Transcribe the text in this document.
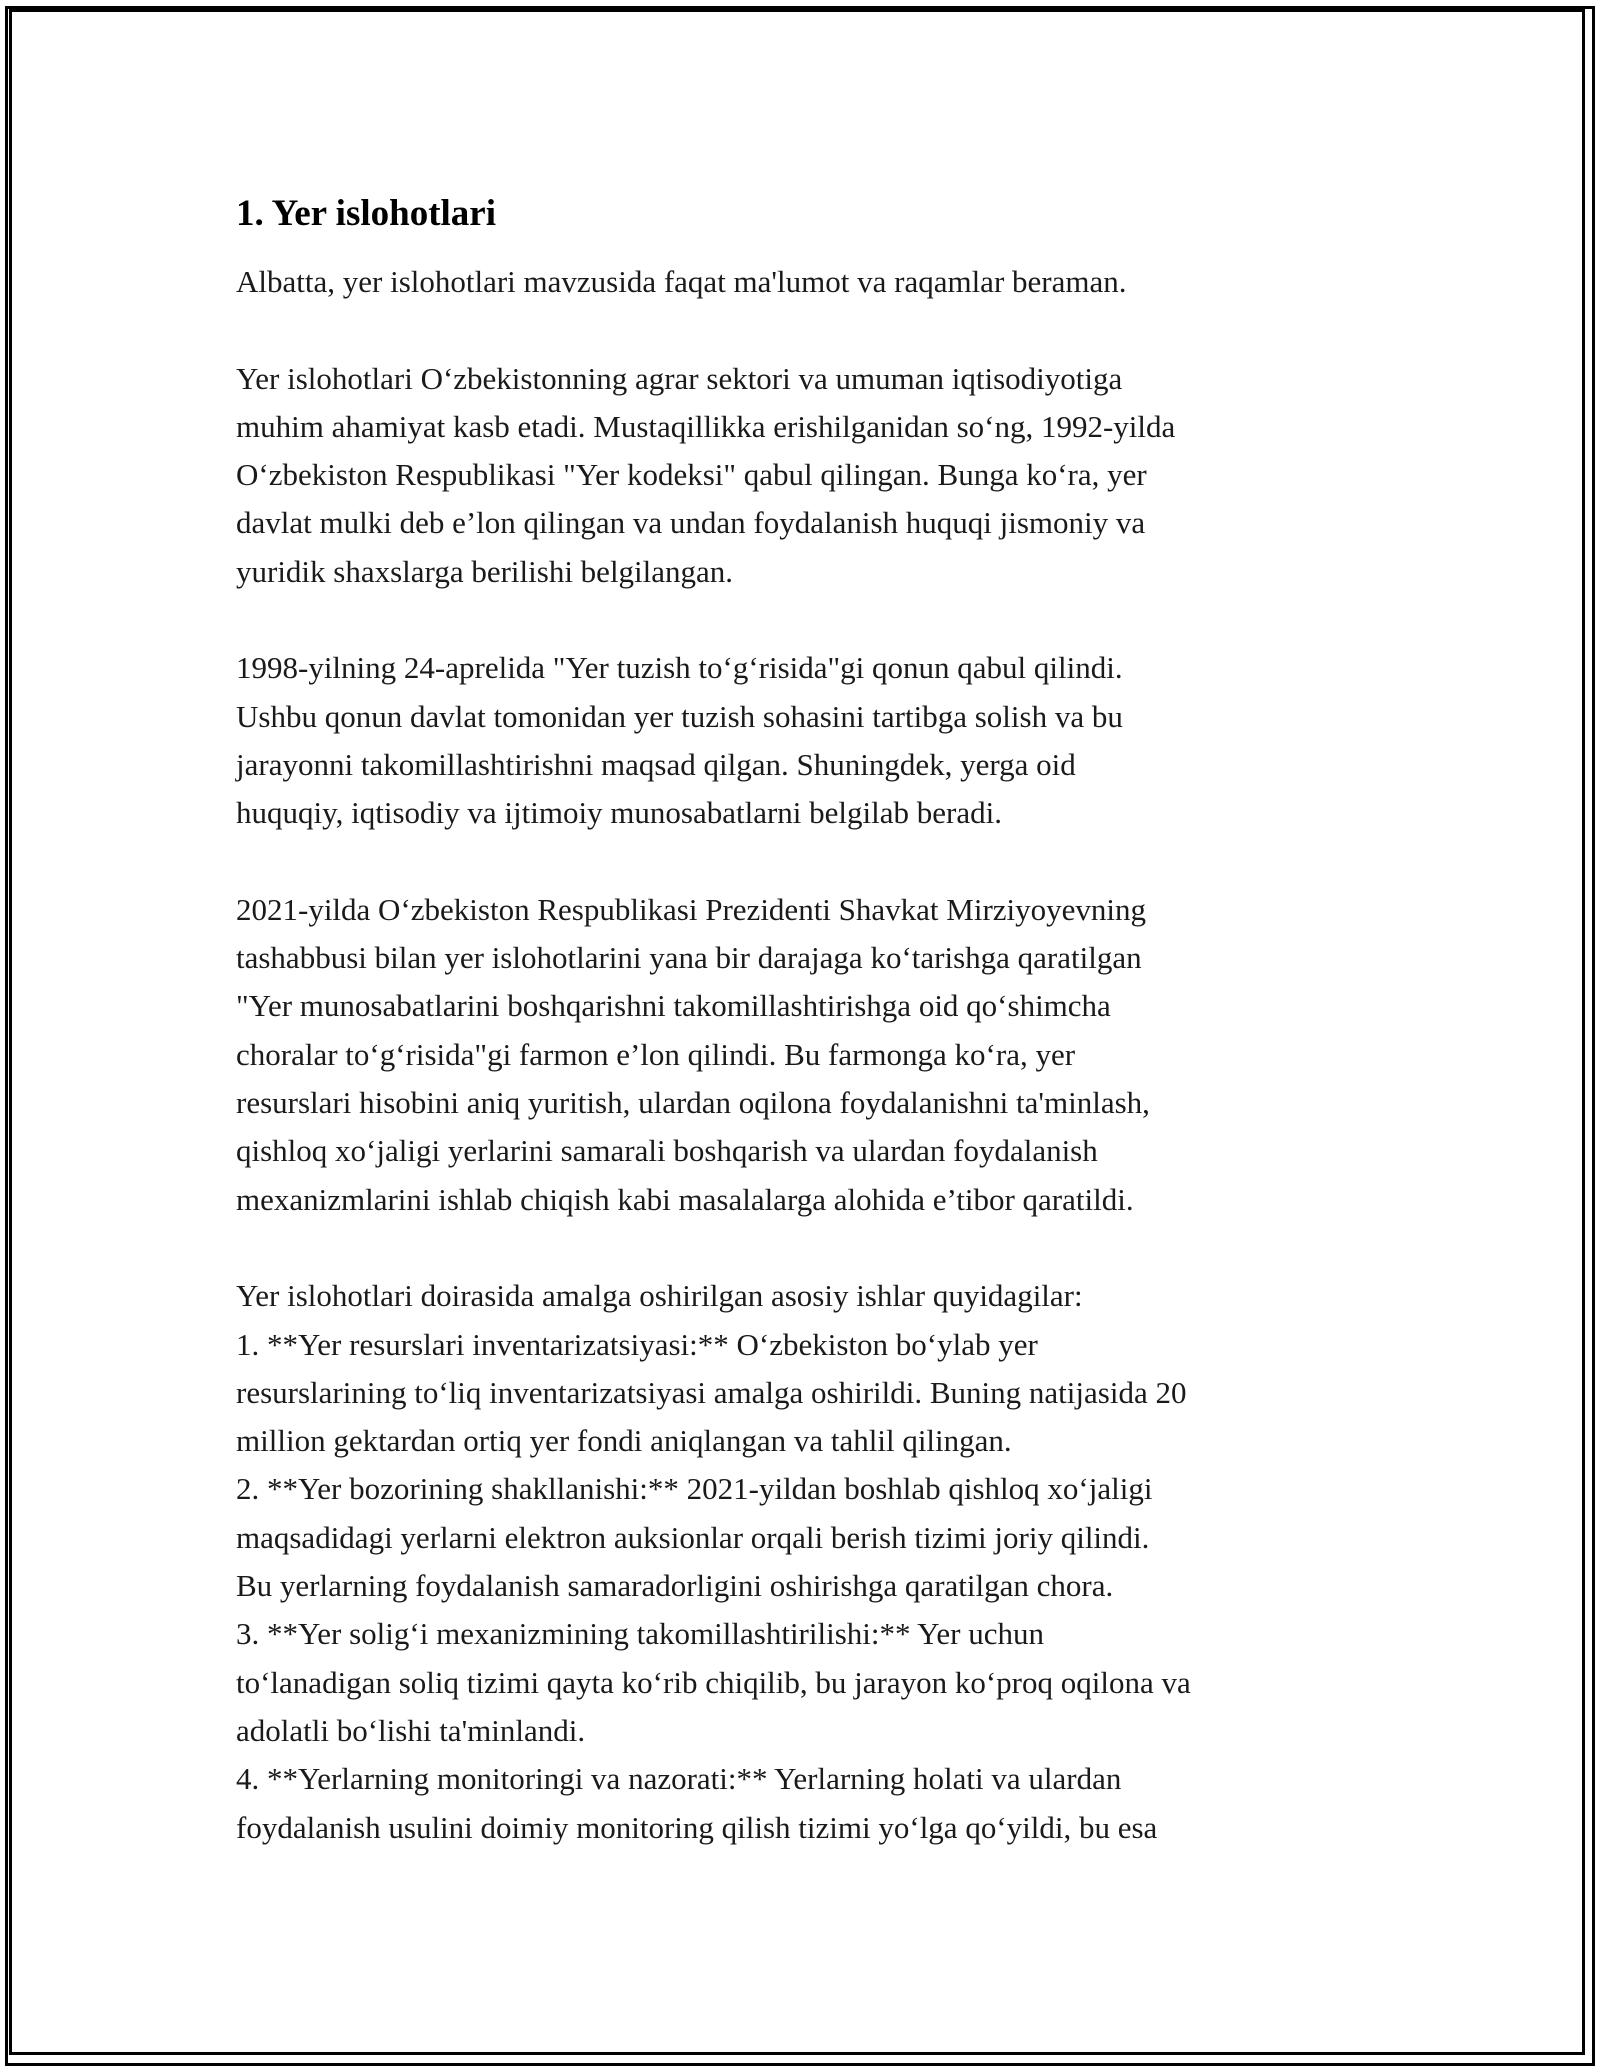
1. Yer islohotlari
Albatta, yer islohotlari mavzusida faqat ma'lumot va raqamlar beraman.
Yer islohotlari O‘zbekistonning agrar sektori va umuman iqtisodiyotiga
muhim ahamiyat kasb etadi. Mustaqillikka erishilganidan so‘ng, 1992-yilda
O‘zbekiston Respublikasi "Yer kodeksi" qabul qilingan. Bunga ko‘ra, yer
davlat mulki deb e’lon qilingan va undan foydalanish huquqi jismoniy va
yuridik shaxslarga berilishi belgilangan.
1998-yilning 24-aprelida "Yer tuzish to‘g‘risida"gi qonun qabul qilindi.
Ushbu qonun davlat tomonidan yer tuzish sohasini tartibga solish va bu
jarayonni takomillashtirishni maqsad qilgan. Shuningdek, yerga oid
huquqiy, iqtisodiy va ijtimoiy munosabatlarni belgilab beradi.
2021-yilda O‘zbekiston Respublikasi Prezidenti Shavkat Mirziyoyevning
tashabbusi bilan yer islohotlarini yana bir darajaga ko‘tarishga qaratilgan
"Yer munosabatlarini boshqarishni takomillashtirishga oid qo‘shimcha
choralar to‘g‘risida"gi farmon e’lon qilindi. Bu farmonga ko‘ra, yer
resurslari hisobini aniq yuritish, ulardan oqilona foydalanishni ta'minlash,
qishloq xo‘jaligi yerlarini samarali boshqarish va ulardan foydalanish
mexanizmlarini ishlab chiqish kabi masalalarga alohida e’tibor qaratildi.
Yer islohotlari doirasida amalga oshirilgan asosiy ishlar quyidagilar:
1. **Yer resurslari inventarizatsiyasi:** O‘zbekiston bo‘ylab yer
resurslarining to‘liq inventarizatsiyasi amalga oshirildi. Buning natijasida 20
million gektardan ortiq yer fondi aniqlangan va tahlil qilingan.
2. **Yer bozorining shakllanishi:** 2021-yildan boshlab qishloq xo‘jaligi
maqsadidagi yerlarni elektron auksionlar orqali berish tizimi joriy qilindi.
Bu yerlarning foydalanish samaradorligini oshirishga qaratilgan chora.
3. **Yer solig‘i mexanizmining takomillashtirilishi:** Yer uchun
to‘lanadigan soliq tizimi qayta ko‘rib chiqilib, bu jarayon ko‘proq oqilona va
adolatli bo‘lishi ta'minlandi.
4. **Yerlarning monitoringi va nazorati:** Yerlarning holati va ulardan
foydalanish usulini doimiy monitoring qilish tizimi yo‘lga qo‘yildi, bu esa
